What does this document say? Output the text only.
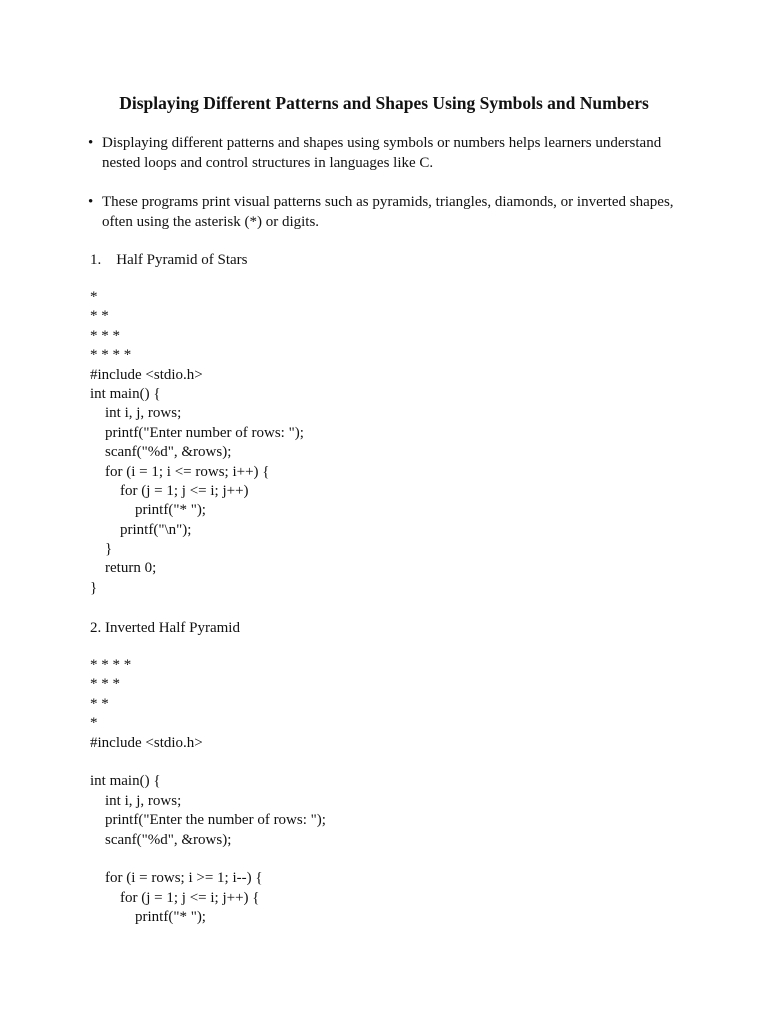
Displaying Different Patterns and Shapes Using Symbols and Numbers
• Displaying different patterns and shapes using symbols or numbers helps learners understand nested loops and control structures in languages like C.
• These programs print visual patterns such as pyramids, triangles, diamonds, or inverted shapes, often using the asterisk (*) or digits.
1.    Half Pyramid of Stars
*
* *
* * *
* * * *
#include <stdio.h>
int main() {
int i, j, rows;
printf("Enter number of rows: ");
scanf("%d", &rows);
for (i = 1; i <= rows; i++) {
for (j = 1; j <= i; j++)
printf("* ");
printf("\n");
}
return 0;
}
2. Inverted Half Pyramid
* * * *
* * *
* *
*
#include <stdio.h>
int main() {
int i, j, rows;
printf("Enter the number of rows: ");
scanf("%d", &rows);
for (i = rows; i >= 1; i--) {
for (j = 1; j <= i; j++) {
printf("* ");
